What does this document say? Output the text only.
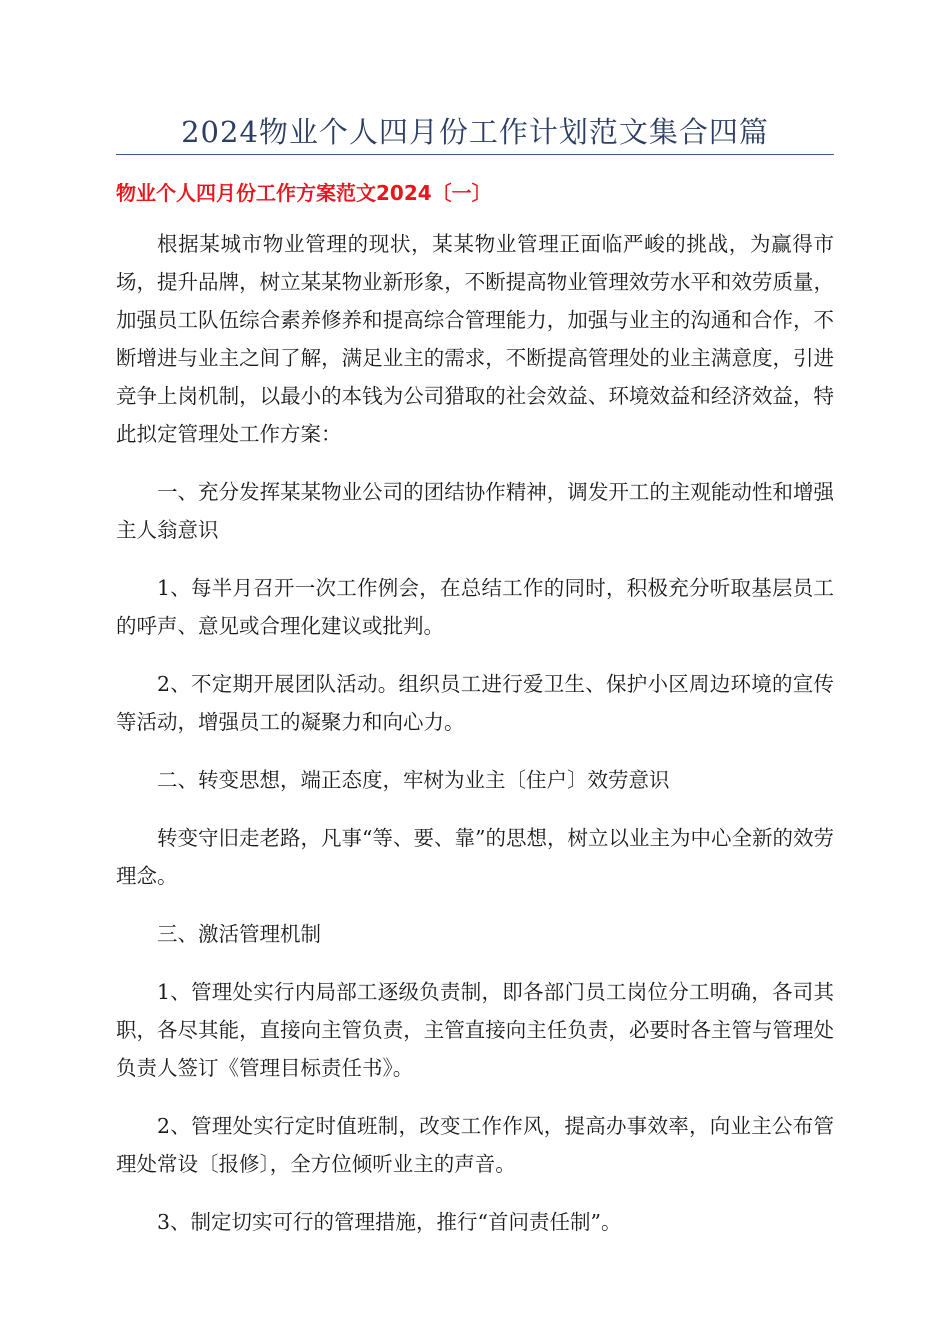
2024物业个人四月份工作计划范文集合四篇
物业个人四月份工作方案范文2024〔一〕

根据某城市物业管理的现状，某某物业管理正面临严峻的挑战，为赢得市场，提升品牌，树立某某物业新形象，不断提高物业管理效劳水平和效劳质量，加强员工队伍综合素养修养和提高综合管理能力，加强与业主的沟通和合作，不断增进与业主之间了解，满足业主的需求，不断提高管理处的业主满意度，引进竞争上岗机制，以最小的本钱为公司猎取的社会效益、环境效益和经济效益，特此拟定管理处工作方案：

一、充分发挥某某物业公司的团结协作精神，调发开工的主观能动性和增强主人翁意识

1、每半月召开一次工作例会，在总结工作的同时，积极充分听取基层员工的呼声、意见或合理化建议或批判。

2、不定期开展团队活动。组织员工进行爱卫生、保护小区周边环境的宣传等活动，增强员工的凝聚力和向心力。

二、转变思想，端正态度，牢树为业主〔住户〕效劳意识

转变守旧走老路，凡事“等、要、靠”的思想，树立以业主为中心全新的效劳理念。

三、激活管理机制

1、管理处实行内局部工逐级负责制，即各部门员工岗位分工明确，各司其职，各尽其能，直接向主管负责，主管直接向主任负责，必要时各主管与管理处负责人签订《管理目标责任书》。

2、管理处实行定时值班制，改变工作作风，提高办事效率，向业主公布管理处常设〔报修〕，全方位倾听业主的声音。

3、制定切实可行的管理措施，推行“首问责任制”。
